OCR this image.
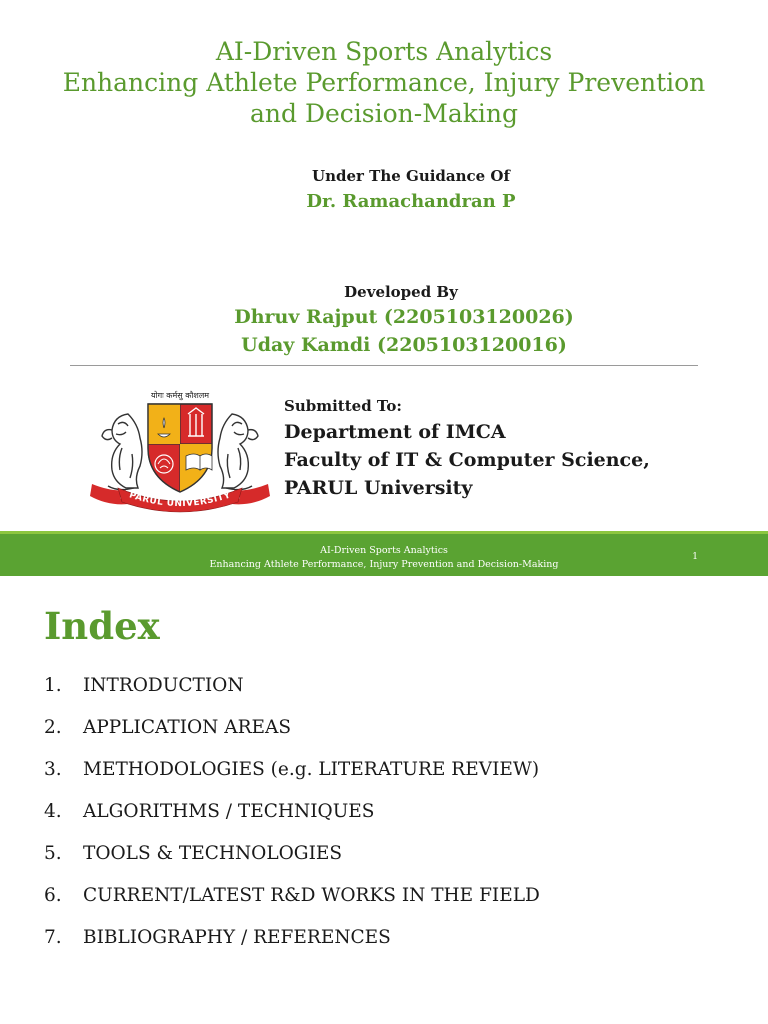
AI-Driven Sports Analytics
Enhancing Athlete Performance, Injury Prevention
and Decision-Making
Under The Guidance Of
Dr. Ramachandran P
Developed By
Dhruv Rajput (2205103120026)
Uday Kamdi (2205103120016)
योगः कर्मसु कौशलम
PARUL UNIVERSITY
Submitted To:
Department of IMCA
Faculty of IT & Computer Science,
PARUL University
AI-Driven Sports Analytics
Enhancing Athlete Performance, Injury Prevention and Decision-Making
1
Index
1.	INTRODUCTION
2.	APPLICATION AREAS
3.	METHODOLOGIES (e.g. LITERATURE REVIEW)
4.	ALGORITHMS / TECHNIQUES
5.	TOOLS & TECHNOLOGIES
6.	CURRENT/LATEST R&D WORKS IN THE FIELD
7.	BIBLIOGRAPHY / REFERENCES
